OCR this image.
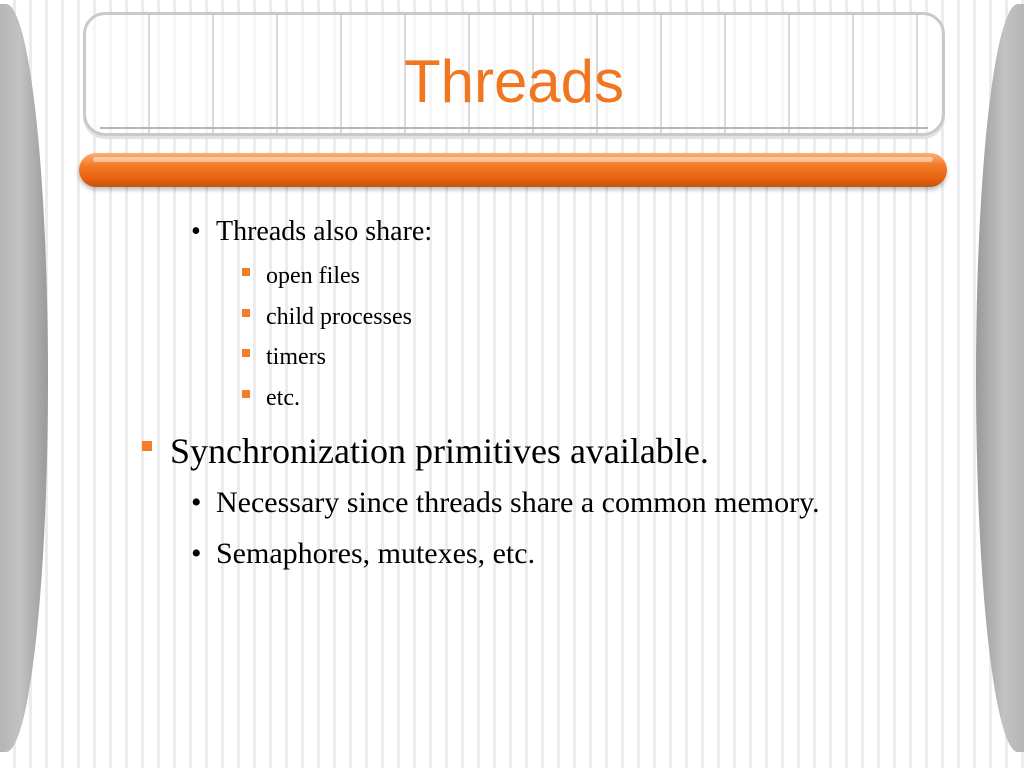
Threads
• Threads also share:
open files
child processes
timers
etc.
Synchronization primitives available.
• Necessary since threads share a common memory.
• Semaphores, mutexes, etc.
